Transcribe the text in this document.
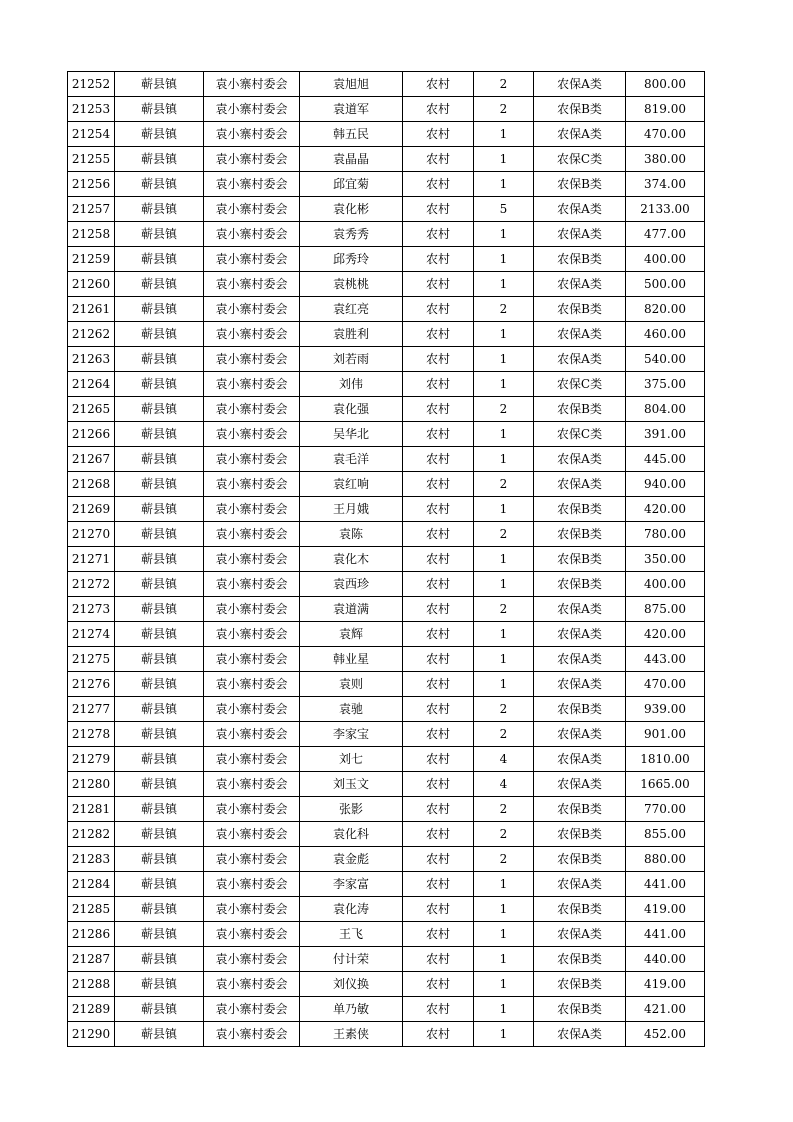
21252	蕲县镇	袁小寨村委会	袁旭旭	农村	2	农保A类	800.00
21253	蕲县镇	袁小寨村委会	袁道军	农村	2	农保B类	819.00
21254	蕲县镇	袁小寨村委会	韩五民	农村	1	农保A类	470.00
21255	蕲县镇	袁小寨村委会	袁晶晶	农村	1	农保C类	380.00
21256	蕲县镇	袁小寨村委会	邱宜菊	农村	1	农保B类	374.00
21257	蕲县镇	袁小寨村委会	袁化彬	农村	5	农保A类	2133.00
21258	蕲县镇	袁小寨村委会	袁秀秀	农村	1	农保A类	477.00
21259	蕲县镇	袁小寨村委会	邱秀玲	农村	1	农保B类	400.00
21260	蕲县镇	袁小寨村委会	袁桃桃	农村	1	农保A类	500.00
21261	蕲县镇	袁小寨村委会	袁红亮	农村	2	农保B类	820.00
21262	蕲县镇	袁小寨村委会	袁胜利	农村	1	农保A类	460.00
21263	蕲县镇	袁小寨村委会	刘若雨	农村	1	农保A类	540.00
21264	蕲县镇	袁小寨村委会	刘伟	农村	1	农保C类	375.00
21265	蕲县镇	袁小寨村委会	袁化强	农村	2	农保B类	804.00
21266	蕲县镇	袁小寨村委会	吴华北	农村	1	农保C类	391.00
21267	蕲县镇	袁小寨村委会	袁毛洋	农村	1	农保A类	445.00
21268	蕲县镇	袁小寨村委会	袁红响	农村	2	农保A类	940.00
21269	蕲县镇	袁小寨村委会	王月娥	农村	1	农保B类	420.00
21270	蕲县镇	袁小寨村委会	袁陈	农村	2	农保B类	780.00
21271	蕲县镇	袁小寨村委会	袁化木	农村	1	农保B类	350.00
21272	蕲县镇	袁小寨村委会	袁西珍	农村	1	农保B类	400.00
21273	蕲县镇	袁小寨村委会	袁道满	农村	2	农保A类	875.00
21274	蕲县镇	袁小寨村委会	袁辉	农村	1	农保A类	420.00
21275	蕲县镇	袁小寨村委会	韩业星	农村	1	农保A类	443.00
21276	蕲县镇	袁小寨村委会	袁则	农村	1	农保A类	470.00
21277	蕲县镇	袁小寨村委会	袁驰	农村	2	农保B类	939.00
21278	蕲县镇	袁小寨村委会	李家宝	农村	2	农保A类	901.00
21279	蕲县镇	袁小寨村委会	刘七	农村	4	农保A类	1810.00
21280	蕲县镇	袁小寨村委会	刘玉文	农村	4	农保A类	1665.00
21281	蕲县镇	袁小寨村委会	张影	农村	2	农保B类	770.00
21282	蕲县镇	袁小寨村委会	袁化科	农村	2	农保B类	855.00
21283	蕲县镇	袁小寨村委会	袁金彪	农村	2	农保B类	880.00
21284	蕲县镇	袁小寨村委会	李家富	农村	1	农保A类	441.00
21285	蕲县镇	袁小寨村委会	袁化涛	农村	1	农保B类	419.00
21286	蕲县镇	袁小寨村委会	王飞	农村	1	农保A类	441.00
21287	蕲县镇	袁小寨村委会	付计荣	农村	1	农保B类	440.00
21288	蕲县镇	袁小寨村委会	刘仪换	农村	1	农保B类	419.00
21289	蕲县镇	袁小寨村委会	单乃敏	农村	1	农保B类	421.00
21290	蕲县镇	袁小寨村委会	王素侠	农村	1	农保A类	452.00
